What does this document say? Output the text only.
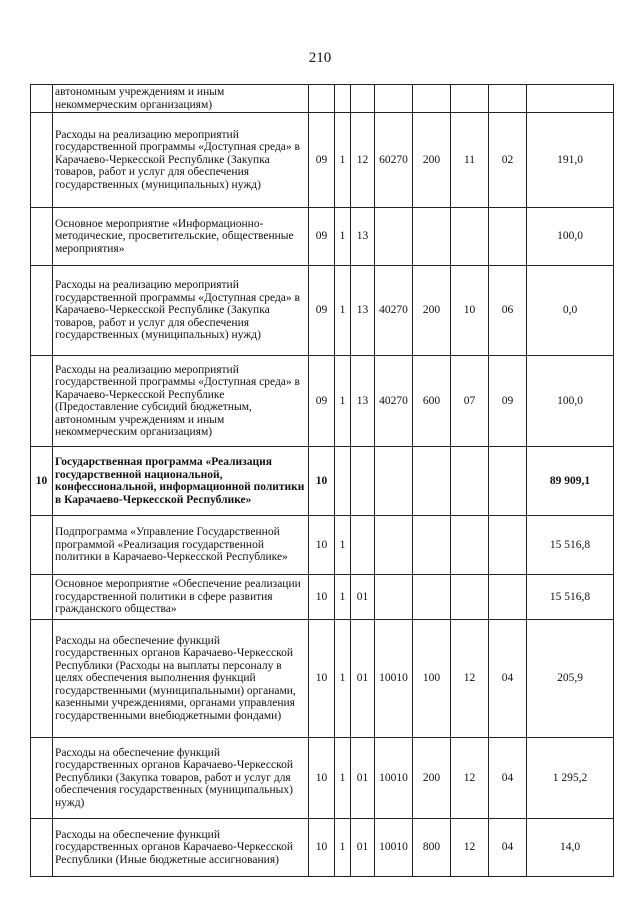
210
	автономным учреждениям и иным некоммерческим организациям)								
	Расходы на реализацию мероприятий государственной программы «Доступная среда» в Карачаево-Черкесской Республике (Закупка товаров, работ и услуг для обеспечения государственных (муниципальных) нужд)	09	1	12	60270	200	11	02	191,0
	Основное мероприятие «Информационно-методические, просветительские, общественные мероприятия»	09	1	13					100,0
	Расходы на реализацию мероприятий государственной программы «Доступная среда» в Карачаево-Черкесской Республике (Закупка товаров, работ и услуг для обеспечения государственных (муниципальных) нужд)	09	1	13	40270	200	10	06	0,0
	Расходы на реализацию мероприятий государственной программы «Доступная среда» в Карачаево-Черкесской Республике (Предоставление субсидий бюджетным, автономным учреждениям и иным некоммерческим организациям)	09	1	13	40270	600	07	09	100,0
10	Государственная программа «Реализация государственной национальной, конфессиональной, информационной политики в Карачаево-Черкесской Республике»	10							89 909,1
	Подпрограмма «Управление Государственной программой «Реализация государственной политики в Карачаево-Черкесской Республике»	10	1						15 516,8
	Основное мероприятие «Обеспечение реализации государственной политики в сфере развития гражданского общества»	10	1	01					15 516,8
	Расходы на обеспечение функций государственных органов Карачаево-Черкесской Республики (Расходы на выплаты персоналу в целях обеспечения выполнения функций государственными (муниципальными) органами, казенными учреждениями, органами управления государственными внебюджетными фондами)	10	1	01	10010	100	12	04	205,9
	Расходы на обеспечение функций государственных органов Карачаево-Черкесской Республики (Закупка товаров, работ и услуг для обеспечения государственных (муниципальных) нужд)	10	1	01	10010	200	12	04	1 295,2
	Расходы на обеспечение функций государственных органов Карачаево-Черкесской Республики (Иные бюджетные ассигнования)	10	1	01	10010	800	12	04	14,0
